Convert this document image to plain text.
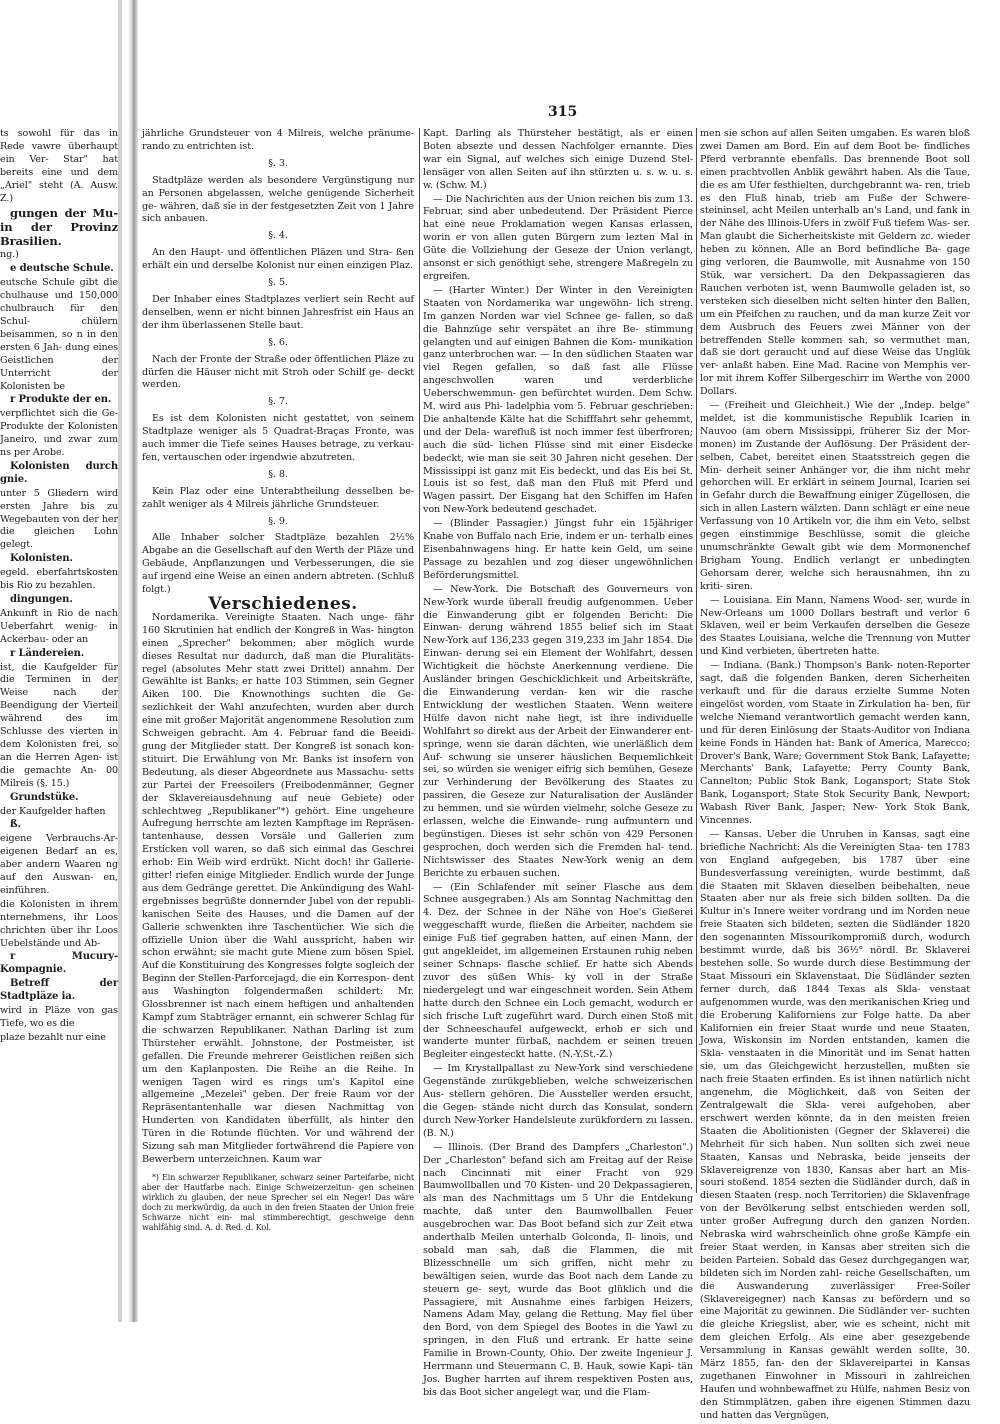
315

ts sowohl für das in Rede vawre überhaupt ein Ver- Star" hat bereits eine und dem „Ariel" steht (A. Ausw. Z.)

gungen der Mu- in der Provinz Brasilien.

ng.)

e deutsche Schule.

eutsche Schule gibt die chulhause und 150,000 chulbrauch für den Schul- chülern beisammen, so n in den ersten 6 Jah- dung eines Geistlichen der Unterricht der Kolonisten be

r Produkte der en.

verpflichtet sich die Ge- Produkte der Kolonisten Janeiro, und zwar zum ns per Arobe.

Kolonisten durch gnie.

unter 5 Gliedern wird ersten Jahre bis zu Wegebauten von der her die gleichen Lohn gelegt.

Kolonisten.

egeld. eberfahrtskosten bis Rio zu bezahlen.

dingungen.

Ankunft in Rio de nach Ueberfahrt wenig- in Ackerbau- oder an

r Ländereien.

ist, die Kaufgelder für die Terminen in der Weise nach der Beendigung der Vierteil während des im Schlusse des vierten in dem Kolonisten frei, so an die Herren Agen- ist die gemachte An- 00 Milreis (§. 15.)

Grundstüke.

der Kaufgelder haften

ß.

eigene Verbrauchs-Ar- eigenen Bedarf an es, aber andern Waaren ng auf den Auswan- en, einführen.

die Kolonisten in ihrem nternehmens, ihr Loos chrichten über ihr Loos Uebelstände und Ab-

r Mucury-Kompagnie.

Betreff der Stadtpläze ia.

wird in Pläze von gas Tiefe, wo es die

plaze bezahlt nur eine

jährliche Grundsteuer von 4 Milreis, welche pränume- rando zu entrichten ist.

§. 3.

Stadtpläze werden als besondere Vergünstigung nur an Personen abgelassen, welche genügende Sicherheit ge- währen, daß sie in der festgesetzten Zeit von 1 Jahre sich anbauen.

§. 4.

An den Haupt- und öffentlichen Pläzen und Stra- ßen erhält ein und derselbe Kolonist nur einen einzigen Plaz.

§. 5.

Der Inhaber eines Stadtplazes verliert sein Recht auf denselben, wenn er nicht binnen Jahresfrist ein Haus an der ihm überlassenen Stelle baut.

§. 6.

Nach der Fronte der Straße oder öffentlichen Pläze zu dürfen die Häuser nicht mit Stroh oder Schilf ge- deckt werden.

§. 7.

Es ist dem Kolonisten nicht gestattet, von seinem Stadtplaze weniger als 5 Quadrat-Braças Fronte, was auch immer die Tiefe seines Hauses betrage, zu verkau- fen, vertauschen oder irgendwie abzutreten.

§. 8.

Kein Plaz oder eine Unterabtheilung desselben be- zahlt weniger als 4 Milreis jährliche Grundsteuer.

§. 9.

Alle Inhaber solcher Stadtpläze bezahlen 2½% Abgabe an die Gesellschaft auf den Werth der Pläze und Gebäude, Anpflanzungen und Verbesserungen, die sie auf irgend eine Weise an einen andern abtreten. (Schluß folgt.)

Verschiedenes.

Nordamerika. Vereinigte Staaten. Nach unge- fähr 160 Skrutinien hat endlich der Kongreß in Was- hington einen „Sprecher" bekommen; aber möglich wurde dieses Resultat nur dadurch, daß man die Pluralitäts- regel (absolutes Mehr statt zwei Drittel) annahm. Der Gewählte ist Banks; er hatte 103 Stimmen, sein Gegner Aiken 100. Die Knownothings suchten die Ge- sezlichkeit der Wahl anzufechten, wurden aber durch eine mit großer Majorität angenommene Resolution zum Schweigen gebracht. Am 4. Februar fand die Beeidi- gung der Mitglieder statt. Der Kongreß ist sonach kon- stituirt. Die Erwählung von Mr. Banks ist insofern von Bedeutung, als dieser Abgeordnete aus Massachu- setts zur Partei der Freesoilers (Freibodenmänner, Gegner der Sklavereiausdehnung auf neue Gebiete) oder schlechtweg „Republikaner"*) gehört. Eine ungeheure Aufregung herrschte am lezten Kampftage im Repräsen- tantenhause, dessen Vorsäle und Gallerien zum Ersticken voll waren, so daß sich einmal das Geschrei erhob: Ein Weib wird erdrükt. Nicht doch! ihr Gallerie-gitter! riefen einige Mitglieder. Endlich wurde der Junge aus dem Gedränge gerettet. Die Ankündigung des Wahl- ergebnisses begrüßte donnernder Jubel von der republi- kanischen Seite des Hauses, und die Damen auf der Gallerie schwenkten ihre Taschentücher. Wie sich die offizielle Union über die Wahl ausspricht, haben wir schon erwähnt; sie macht gute Miene zum bösen Spiel. Auf die Konstituirung des Kongresses folgte sogleich der Beginn der Stellen-Parforcejagd, die ein Korrespon- dent aus Washington folgendermaßen schildert: Mr. Glossbrenner ist nach einem heftigen und anhaltenden Kampf zum Stabträger ernannt, ein schwerer Schlag für die schwarzen Republikaner. Nathan Darling ist zum Thürsteher erwählt. Johnstone, der Postmeister, ist gefallen. Die Freunde mehrerer Geistlichen reißen sich um den Kaplanposten. Die Reihe an die Reihe. In wenigen Tagen wird es rings um's Kapitol eine allgemeine „Mezelei" geben. Der freie Raum vor der Repräsentantenhalle war diesen Nachmittag von Hunderten von Kandidaten überfüllt, als hinter den Türen in die Rotunde flüchten. Vor und während der Sizung sah man Mitglieder fortwährend die Papiere von Bewerbern unterzeichnen. Kaum war

*) Ein schwarzer Republikaner, schwarz seiner Parteifarbe, nicht aber der Hautfarbe nach. Einige Schweizerzeitun- gen scheinen wirklich zu glauben, der neue Sprecher sei ein Neger! Das wäre doch zu merkwürdig, da auch in den freien Staaten der Union freie Schwarze nicht ein- mal stimmberechtigt, geschweige denn wahlfähig sind. A. d. Red. d. Kol.

Kapt. Darling als Thürsteher bestätigt, als er einen Boten absezte und dessen Nachfolger ernannte. Dies war ein Signal, auf welches sich einige Duzend Stel- lensäger von allen Seiten auf ihn stürzten u. s. w. u. s. w. (Schw. M.)

— Die Nachrichten aus der Union reichen bis zum 13. Februar, sind aber unbedeutend. Der Präsident Pierce hat eine neue Proklamation wegen Kansas erlassen, worin er von allen guten Bürgern zum lezten Mal in Güte die Vollziehung der Geseze der Union verlangt, ansonst er sich genöthigt sehe, strengere Maßregeln zu ergreifen.

— (Harter Winter.) Der Winter in den Vereinigten Staaten von Nordamerika war ungewöhn- lich streng. Im ganzen Norden war viel Schnee ge- fallen, so daß die Bahnzüge sehr verspätet an ihre Be- stimmung gelangten und auf einigen Bahnen die Kom- munikation ganz unterbrochen war. — In den südlichen Staaten war viel Regen gefallen, so daß fast alle Flüsse angeschwollen waren und verderbliche Ueberschwemmun- gen befürchtet wurden. Dem Schw. M. wird aus Phi- ladelphia vom 5. Februar geschrieben: Die anhaltende Kälte hat die Schifffahrt sehr gehemmt, und der Dela- warefluß ist noch immer fest überfroren; auch die süd- lichen Flüsse sind mit einer Eisdecke bedeckt, wie man sie seit 30 Jahren nicht gesehen. Der Mississippi ist ganz mit Eis bedeckt, und das Eis bei St. Louis ist so fest, daß man den Fluß mit Pferd und Wagen passirt. Der Eisgang hat den Schiffen im Hafen von New-York bedeutend geschadet.

— (Blinder Passagier.) Jüngst fuhr ein 15jähriger Knabe von Buffalo nach Erie, indem er un- terhalb eines Eisenbahnwagens hing. Er hatte kein Geld, um seine Passage zu bezahlen und zog dieser ungewöhnlichen Beförderungsmittel.

— New-York. Die Botschaft des Gouverneurs von New-York wurde überall freudig aufgenommen. Ueber die Einwanderung gibt er folgenden Bericht: Die Einwan- derung während 1855 belief sich im Staat New-York auf 136,233 gegen 319,233 im Jahr 1854. Die Einwan- derung sei ein Element der Wohlfahrt, dessen Wichtigkeit die höchste Anerkennung verdiene. Die Ausländer bringen Geschicklichkeit und Arbeitskräfte, die Einwanderung verdan- ken wir die rasche Entwicklung der westlichen Staaten. Wenn weitere Hülfe davon nicht nahe liegt, ist ihre individuelle Wohlfahrt so direkt aus der Arbeit der Einwanderer ent- springe, wenn sie daran dächten, wie unerläßlich dem Auf- schwung sie unserer häuslichen Bequemlichkeit sei, so würden sie weniger eifrig sich bemühen, Geseze zur Verhinderung der Bevölkerung des Staates zu passiren, die Geseze zur Naturalisation der Ausländer zu hemmen, und sie würden vielmehr, solche Geseze zu erlassen, welche die Einwande- rung aufmuntern und begünstigen. Dieses ist sehr schön von 429 Personen gesprochen, doch werden sich die Fremden hal- tend. Nichtswisser des Staates New-York wenig an dem Berichte zu erbauen suchen.

— (Ein Schlafender mit seiner Flasche aus dem Schnee ausgegraben.) Als am Sonntag Nachmittag den 4. Dez. der Schnee in der Nähe von Hoe's Gießerei weggeschafft wurde, fließen die Arbeiter, nachdem sie einige Fuß tief gegraben hatten, auf einen Mann, der gut angekleidet, im allgemeinen Erstaunen ruhig neben seiner Schnaps- flasche schlief. Er hatte sich Abends zuvor des süßen Whis- ky voll in der Straße niedergelegt und war eingeschneit worden. Sein Athem hatte durch den Schnee ein Loch gemacht, wodurch er sich frische Luft zugeführt ward. Durch einen Stoß mit der Schneeschaufel aufgeweckt, erhob er sich und wanderte munter fürbaß, nachdem er seinen treuen Begleiter eingesteckt hatte. (N.-Y.St.-Z.)

— Im Krystallpallast zu New-York sind verschiedene Gegenstände zurükgeblieben, welche schweizerischen Aus- stellern gehören. Die Aussteller werden ersucht, die Gegen- stände nicht durch das Konsulat, sondern durch New-Yorker Handelsleute zurükfordern zu lassen. (B. N.)

— Illinois. (Der Brand des Dampfers „Charleston".) Der „Charleston" befand sich am Freitag auf der Reise nach Cincinnati mit einer Fracht von 929 Baumwollballen und 70 Kisten- und 20 Dekpassagieren, als man des Nachmittags um 5 Uhr die Entdekung machte, daß unter den Baumwollballen Feuer ausgebrochen war. Das Boot befand sich zur Zeit etwa anderthalb Meilen unterhalb Golconda, Il- linois, und sobald man sah, daß die Flammen, die mit Blizesschnelle um sich griffen, nicht mehr zu bewältigen seien, wurde das Boot nach dem Lande zu steuern ge- seyt, wurde das Boot glüklich und die Passagiere, mit Ausnahme eines farbigen Heizers, Namens Adam May, gelang die Rettung. May fiel über den Bord, von dem Spiegel des Bootes in die Yawl zu springen, in den Fluß und ertrank. Er hatte seine Familie in Brown-County, Ohio. Der zweite Ingenieur J. Herrmann und Steuermann C. B. Hauk, sowie Kapi- tän Jos. Bugher harrten auf ihrem respektiven Posten aus, bis das Boot sicher angelegt war, und die Flam-

men sie schon auf allen Seiten umgaben. Es waren bloß zwei Damen am Bord. Ein auf dem Boot be- findliches Pferd verbrannte ebenfalls. Das brennende Boot soll einen prachtvollen Anblik gewährt haben. Als die Taue, die es am Ufer festhielten, durchgebrannt wa- ren, trieb es den Fluß hinab, trieb am Fuße der Schwere- steininsel, acht Meilen unterhalb an's Land, und fank in der Nähe des Illinois-Ufers in zwölf Fuß tiefem Was- ser. Man glaubt die Sicherheitskiste mit Geldern zc. wieder heben zu können. Alle an Bord befindliche Ba- gage ging verloren, die Baumwolle, mit Ausnahme von 150 Stük, war versichert. Da den Dekpassagieren das Rauchen verboten ist, wenn Baumwolle geladen ist, so versteken sich dieselben nicht selten hinter den Ballen, um ein Pfeifchen zu rauchen, und da man kurze Zeit vor dem Ausbruch des Feuers zwei Männer von der betreffenden Stelle kommen sah, so vermuthet man, daß sie dort geraucht und auf diese Weise das Unglük ver- anlaßt haben. Eine Mad. Racine von Memphis ver- lor mit ihrem Koffer Silbergeschirr im Werthe von 2000 Dollars.

— (Freiheit und Gleichheit.) Wie der „Indep. belge" meldet, ist die kommunistische Republik Icarien in Nauvoo (am obern Mississippi, früherer Siz der Mor- monen) im Zustande der Auflösung. Der Präsident der- selben, Cabet, bereitet einen Staatsstreich gegen die Min- derheit seiner Anhänger vor, die ihm nicht mehr gehorchen will. Er erklärt in seinem Journal, Icarien sei in Gefahr durch die Bewaffnung einiger Zügellosen, die sich in allen Lastern wälzten. Dann schlägt er eine neue Verfassung von 10 Artikeln vor, die ihm ein Veto, selbst gegen einstimmige Beschlüsse, somit die gleiche unumschränkte Gewalt gibt wie dem Mormonenchef Brigham Young. Endlich verlangt er unbedingten Gehorsam derer, welche sich herausnahmen, ihn zu kriti- siren.

— Louisiana. Ein Mann, Namens Wood- ser, wurde in New-Orleans um 1000 Dollars bestraft und verlor 6 Sklaven, weil er beim Verkaufen derselben die Geseze des Staates Louisiana, welche die Trennung von Mutter und Kind verbieten, übertreten hatte.

— Indiana. (Bank.) Thompson's Bank- noten-Reporter sagt, daß die folgenden Banken, deren Sicherheiten verkauft und für die daraus erzielte Summe Noten eingelöst worden, vom Staate in Zirkulation ha- ben, für welche Niemand verantwortlich gemacht werden kann, und für deren Einlösung der Staats-Auditor von Indiana keine Fonds in Händen hat: Bank of America, Marecco; Drover's Bank, Ware; Government Stok Bank, Lafayette; Merchants' Bank, Lafayette; Perry County Bank, Cannelton; Public Stok Bank, Logansport; State Stok Bank, Logansport; State Stok Security Bank, Newport; Wabash River Bank, Jasper; New- York Stok Bank, Vincennes.

— Kansas. Ueber die Unruhen in Kansas, sagt eine briefliche Nachricht: Als die Vereinigten Staa- ten 1783 von England aufgegeben, bis 1787 über eine Bundesverfassung vereinigten, wurde bestimmt, daß die Staaten mit Sklaven dieselben beibehalten, neue Staaten aber nur als freie sich bilden sollten. Da die Kultur in's Innere weiter vordrang und im Norden neue freie Staaten sich bildeten, sezten die Südländer 1820 den sogenannten Missourikompromiß durch, wodurch bestimmt wurde, daß bis 36½° nördl. Br. Sklaverei bestehen solle. So wurde durch diese Bestimmung der Staat Missouri ein Sklavenstaat. Die Südländer sezten ferner durch, daß 1844 Texas als Skla- venstaat aufgenommen wurde, was den merikanischen Krieg und die Eroberung Kaliforniens zur Folge hatte. Da aber Kalifornien ein freier Staat wurde und neue Staaten, Jowa, Wiskonsin im Norden entstanden, kamen die Skla- venstaaten in die Minorität und im Senat hatten sie, um das Gleichgewicht herzustellen, mußten sie nach freie Staaten erfinden. Es ist ihnen natürlich nicht angenehm, die Möglichkeit, daß von Seiten der Zentralgewalt die Skla- verei aufgehoben, aber erschwert werden könnte, da in den meisten freien Staaten die Abolitionisten (Gegner der Sklaverei) die Mehrheit für sich haben. Nun sollten sich zwei neue Staaten, Kansas und Nebraska, beide jenseits der Sklavereigrenze von 1830, Kansas aber hart an Mis- souri stoßend. 1854 sezten die Südländer durch, daß in diesen Staaten (resp. noch Territorien) die Sklavenfrage von der Bevölkerung selbst entschieden werden soll, unter großer Aufregung durch den ganzen Norden. Nebraska wird wahrscheinlich ohne große Kämpfe ein freier Staat werden, in Kansas aber streiten sich die beiden Parteien. Sobald das Gesez durchgegangen war, bildeten sich im Norden zahl- reiche Gesellschaften, um die Auswanderung zuverlässiger Free-Soiler (Sklavereigegner) nach Kansas zu befördern und so eine Majorität zu gewinnen. Die Südländer ver- suchten die gleiche Kriegslist, aber, wie es scheint, nicht mit dem gleichen Erfolg. Als eine aber gesezgebende Versammlung in Kansas gewählt werden sollte, 30. März 1855, fan- den der Sklavereipartei in Kansas zugethanen Einwohner in Missouri in zahlreichen Haufen und wohnbewaffnet zu Hülfe, nahmen Besiz von den Stimmplätzen, gaben ihre eigenen Stimmen dazu und hatten das Vergnügen,
